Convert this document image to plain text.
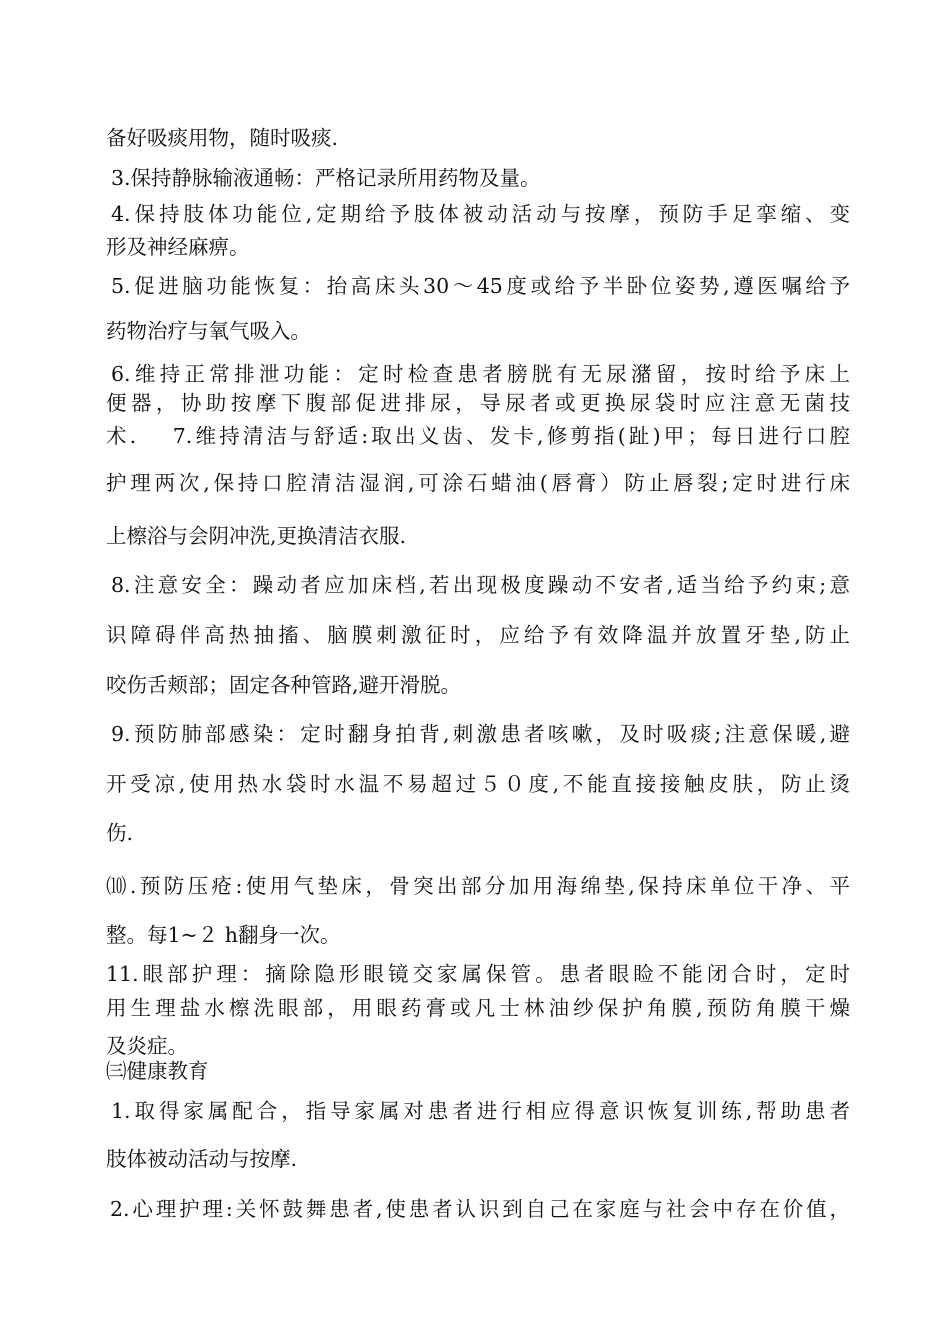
备好吸痰用物，随时吸痰.
3.保持静脉输液通畅：严格记录所用药物及量。
4.保持肢体功能位,定期给予肢体被动活动与按摩，预防手足挛缩、变
形及神经麻痹。
5.促进脑功能恢复：抬高床头30～45度或给予半卧位姿势,遵医嘱给予
药物治疗与氧气吸入。
6.维持正常排泄功能：定时检查患者膀胱有无尿潴留，按时给予床上
便器，协助按摩下腹部促进排尿，导尿者或更换尿袋时应注意无菌技
术.　 7.维持清洁与舒适:取出义齿、发卡,修剪指(趾)甲；每日进行口腔
护理两次,保持口腔清洁湿润,可涂石蜡油(唇膏）防止唇裂;定时进行床
上檫浴与会阴冲洗,更换清洁衣服.
8.注意安全：躁动者应加床档,若出现极度躁动不安者,适当给予约束;意
识障碍伴高热抽搐、脑膜刺激征时，应给予有效降温并放置牙垫,防止
咬伤舌颊部；固定各种管路,避开滑脱。
9.预防肺部感染：定时翻身拍背,刺激患者咳嗽，及时吸痰;注意保暖,避
开受凉,使用热水袋时水温不易超过５０度,不能直接接触皮肤，防止烫
伤.
⑽.预防压疮:使用气垫床，骨突出部分加用海绵垫,保持床单位干净、平
整。每1~２ h翻身一次。
11.眼部护理：摘除隐形眼镜交家属保管。患者眼睑不能闭合时，定时
用生理盐水檫洗眼部，用眼药膏或凡士林油纱保护角膜,预防角膜干燥
及炎症。
㈢健康教育
1.取得家属配合，指导家属对患者进行相应得意识恢复训练,帮助患者
肢体被动活动与按摩.
2.心理护理:关怀鼓舞患者,使患者认识到自己在家庭与社会中存在价值，
